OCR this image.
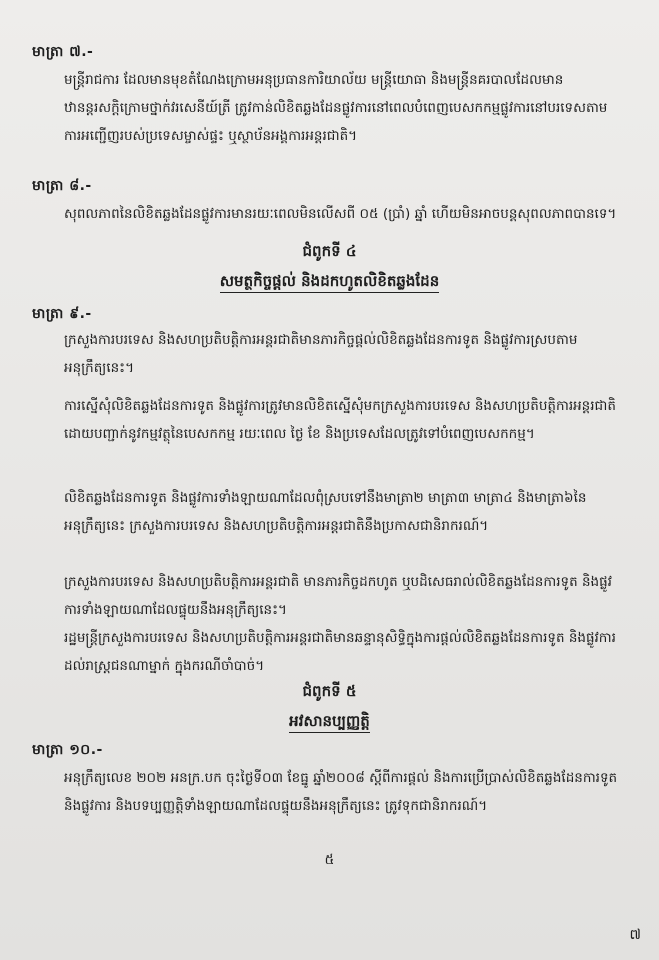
មាត្រា ៧.-
មន្ត្រីរាជការ ដែលមានមុខតំណែងក្រោមអនុប្រធានការិយាល័យ មន្ត្រីយោធា និងមន្ត្រីនគរបាលដែលមានឋានន្តរសក្តិក្រោមថ្នាក់វរសេនីយ៍ត្រី ត្រូវកាន់លិខិតឆ្លងដែនផ្លូវការនៅពេលបំពេញបេសកកម្មផ្លូវការនៅបរទេសតាមការអញ្ជើញរបស់ប្រទេសម្ចាស់ផ្ទះ ឬស្ថាប័នអង្គការអន្តរជាតិ។
មាត្រា ៨.-
សុពលភាពនៃលិខិតឆ្លងដែនផ្លូវការមានរយៈពេលមិនលើសពី ០៥ (ប្រាំ) ឆ្នាំ ហើយមិនអាចបន្តសុពលភាពបានទេ។
ជំពូកទី ៤
សមត្ថកិច្ចផ្តល់ និងដកហូតលិខិតឆ្លងដែន
មាត្រា ៩.-
ក្រសួងការបរទេស និងសហប្រតិបត្តិការអន្តរជាតិមានភារកិច្ចផ្តល់លិខិតឆ្លងដែនការទូត និងផ្លូវការស្របតាមអនុក្រឹត្យនេះ។
ការស្នើសុំលិខិតឆ្លងដែនការទូត និងផ្លូវការត្រូវមានលិខិតស្នើសុំមកក្រសួងការបរទេស និងសហប្រតិបត្តិការអន្តរជាតិ ដោយបញ្ជាក់នូវកម្មវត្ថុនៃបេសកកម្ម រយៈពេល ថ្ងៃ ខែ និងប្រទេសដែលត្រូវទៅបំពេញបេសកកម្ម។
លិខិតឆ្លងដែនការទូត និងផ្លូវការទាំងឡាយណាដែលពុំស្របទៅនឹងមាត្រា២ មាត្រា៣ មាត្រា៤ និងមាត្រា៦នៃអនុក្រឹត្យនេះ ក្រសួងការបរទេស និងសហប្រតិបត្តិការអន្តរជាតិនឹងប្រកាសជានិរាករណ៍។
ក្រសួងការបរទេស និងសហប្រតិបត្តិការអន្តរជាតិ មានភារកិច្ចដកហូត ឬបដិសេធរាល់លិខិតឆ្លងដែនការទូត និងផ្លូវការទាំងឡាយណាដែលផ្ទុយនឹងអនុក្រឹត្យនេះ។
រដ្ឋមន្ត្រីក្រសួងការបរទេស និងសហប្រតិបត្តិការអន្តរជាតិមានឆន្ទានុសិទ្ធិក្នុងការផ្តល់លិខិតឆ្លងដែនការទូត និងផ្លូវការដល់រាស្ត្រជនណាម្នាក់ ក្នុងករណីចាំបាច់។
ជំពូកទី ៥
អវសានប្បញ្ញត្តិ
មាត្រា ១០.-
អនុក្រឹត្យលេខ ២០២ អនក្រ.បក ចុះថ្ងៃទី០៣ ខែធ្នូ ឆ្នាំ២០០៨ ស្តីពីការផ្តល់ និងការប្រើប្រាស់លិខិតឆ្លងដែនការទូត និងផ្លូវការ និងបទប្បញ្ញត្តិទាំងឡាយណាដែលផ្ទុយនឹងអនុក្រឹត្យនេះ ត្រូវទុកជានិរាករណ៍។
៥
៧
